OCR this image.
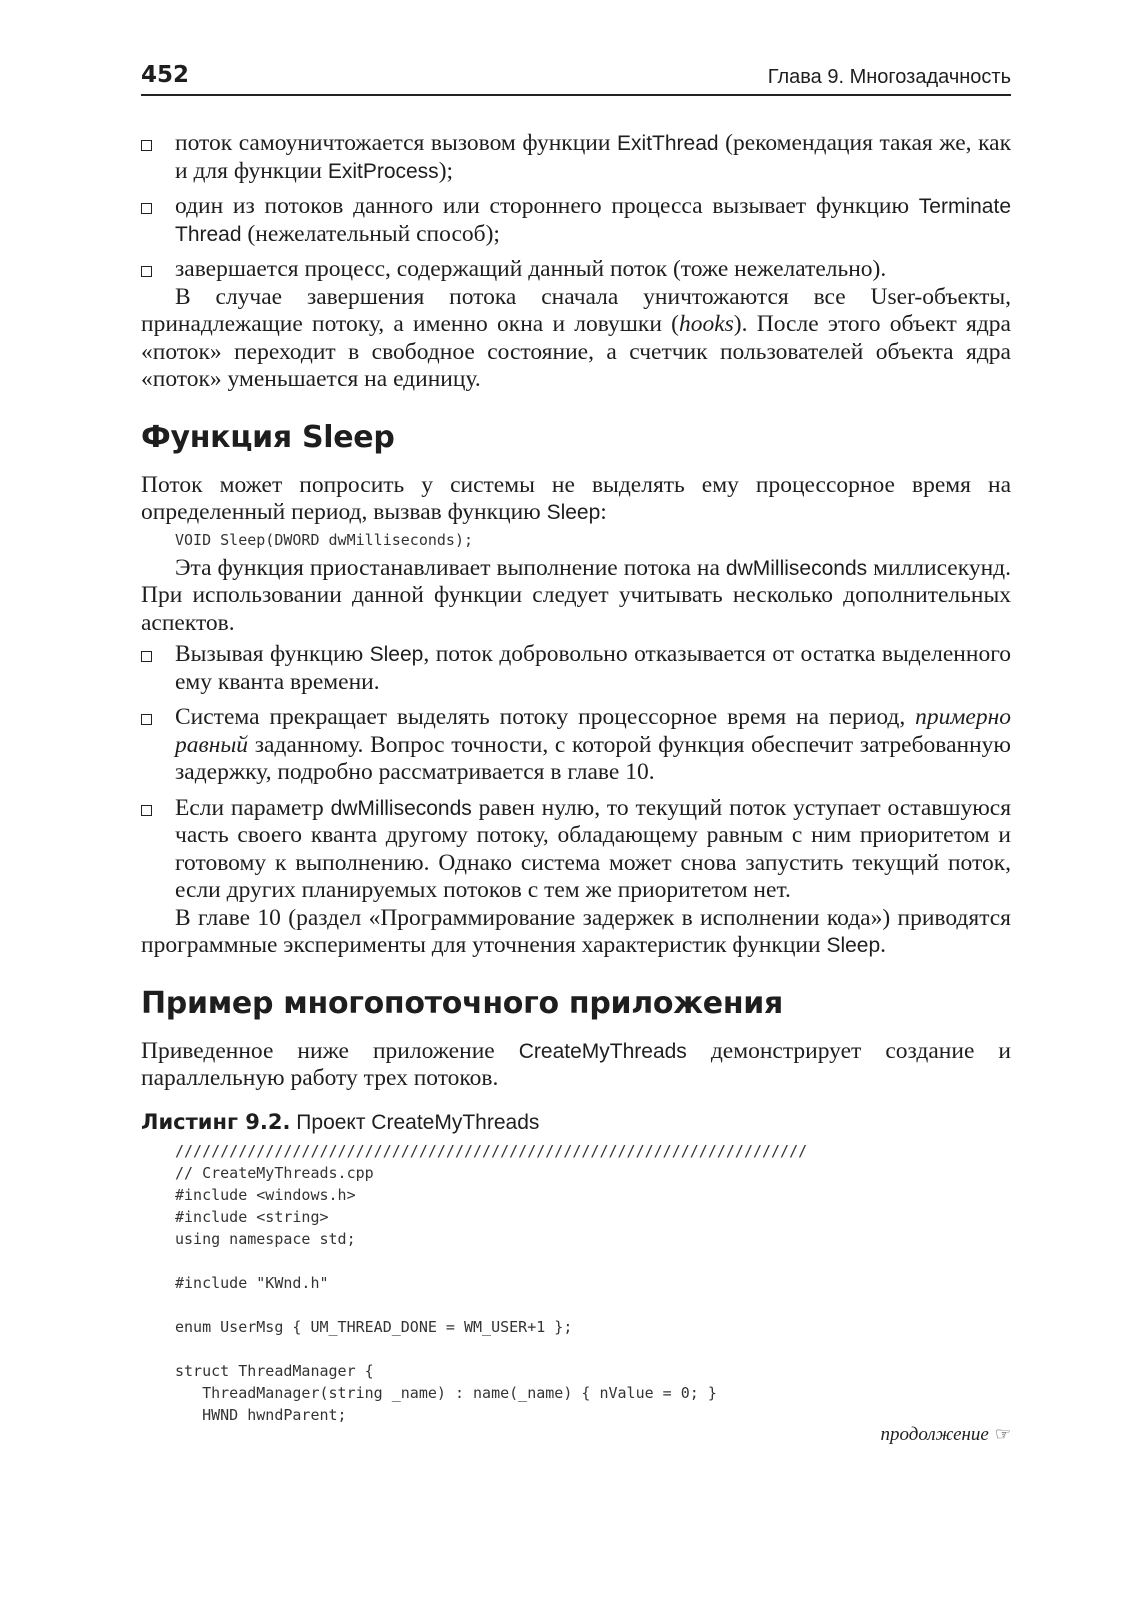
452	Глава 9. Многозадачность
поток самоуничтожается вызовом функции ExitThread (рекомендация такая же, как и для функции ExitProcess);
один из потоков данного или стороннего процесса вызывает функцию Terminate Thread (нежелательный способ);
завершается процесс, содержащий данный поток (тоже нежелательно).

В случае завершения потока сначала уничтожаются все User-объекты, принадлежащие потоку, а именно окна и ловушки (hooks). После этого объект ядра «поток» переходит в свободное состояние, а счетчик пользователей объекта ядра «поток» уменьшается на единицу.

Функция Sleep

Поток может попросить у системы не выделять ему процессорное время на определенный период, вызвав функцию Sleep:

VOID Sleep(DWORD dwMilliseconds);

Эта функция приостанавливает выполнение потока на dwMilliseconds миллисекунд. При использовании данной функции следует учитывать несколько дополнительных аспектов.

Вызывая функцию Sleep, поток добровольно отказывается от остатка выделенного ему кванта времени.
Система прекращает выделять потоку процессорное время на период, примерно равный заданному. Вопрос точности, с которой функция обеспечит затребованную задержку, подробно рассматривается в главе 10.
Если параметр dwMilliseconds равен нулю, то текущий поток уступает оставшуюся часть своего кванта другому потоку, обладающему равным с ним приоритетом и готовому к выполнению. Однако система может снова запустить текущий поток, если других планируемых потоков с тем же приоритетом нет.

В главе 10 (раздел «Программирование задержек в исполнении кода») приводятся программные эксперименты для уточнения характеристик функции Sleep.

Пример многопоточного приложения

Приведенное ниже приложение CreateMyThreads демонстрирует создание и параллельную работу трех потоков.

Листинг 9.2. Проект CreateMyThreads
//////////////////////////////////////////////////////////////////////
// CreateMyThreads.cpp
#include <windows.h>
#include <string>
using namespace std;
#include "KWnd.h"
enum UserMsg { UM_THREAD_DONE = WM_USER+1 };
struct ThreadManager {
ThreadManager(string _name) : name(_name) { nValue = 0; }
HWND hwndParent;
продолжение ☞
